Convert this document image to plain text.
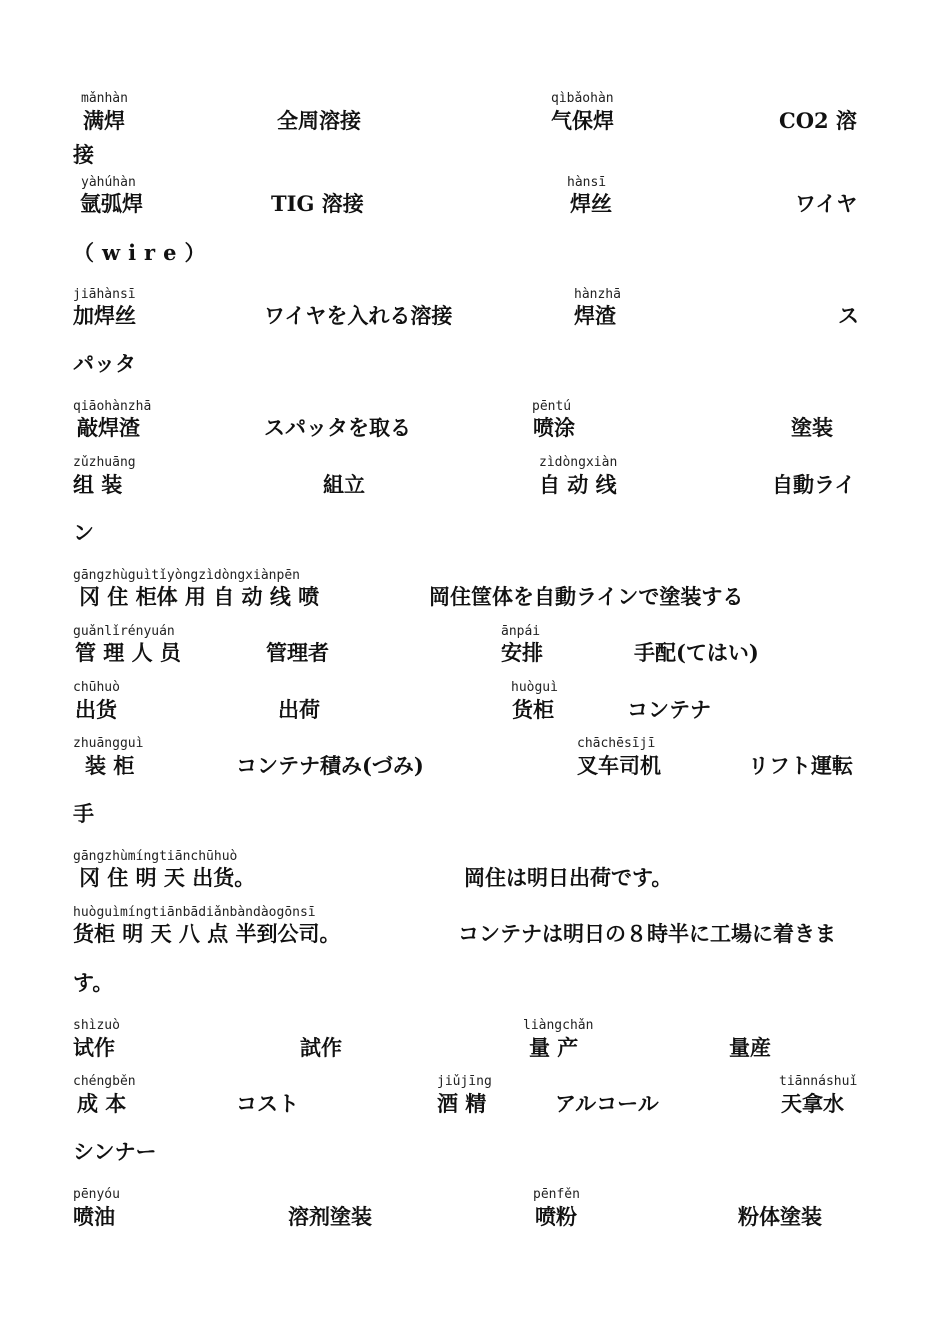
mǎnhàn	qìbǎohàn
满焊	全周溶接	气保焊	CO2 溶
接
yàhúhàn	hànsī
氩弧焊	TIG 溶接	焊丝	ワイヤ
（wire）
jiāhànsī	hànzhā
加焊丝	ワイヤを入れる溶接	焊渣	ス
パッタ
qiāohànzhā	pēntú
敲焊渣	スパッタを取る	喷涂	塗装
zǔzhuāng	zìdòngxiàn
组 装	組立	自 动 线	自動ライ
ン
gāngzhùguìtǐyòngzìdòngxiànpēn
冈 住 柜体 用 自 动 线 喷	岡住筐体を自動ラインで塗装する
guǎnlǐrényuán	ānpái
管 理 人 员	管理者	安排	手配(てはい)
chūhuò	huòguì
出货	出荷	货柜	コンテナ
zhuāngguì	chāchēsījī
装 柜	コンテナ積み(づみ)	叉车司机	リフト運転
手
gāngzhùmíngtiānchūhuò
冈 住 明 天 出货。	岡住は明日出荷です。
huòguìmíngtiānbādiǎnbàndàogōnsī
货柜 明 天 八 点 半到公司。	コンテナは明日の８時半に工場に着きま
す。
shìzuò	liàngchǎn
试作	試作	量 产	量産
chéngběn	jiǔjīng	tiānnáshuǐ
成 本	コスト	酒 精	アルコール	天拿水
シンナー
pēnyóu	pēnfěn
喷油	溶剂塗装	喷粉	粉体塗装
